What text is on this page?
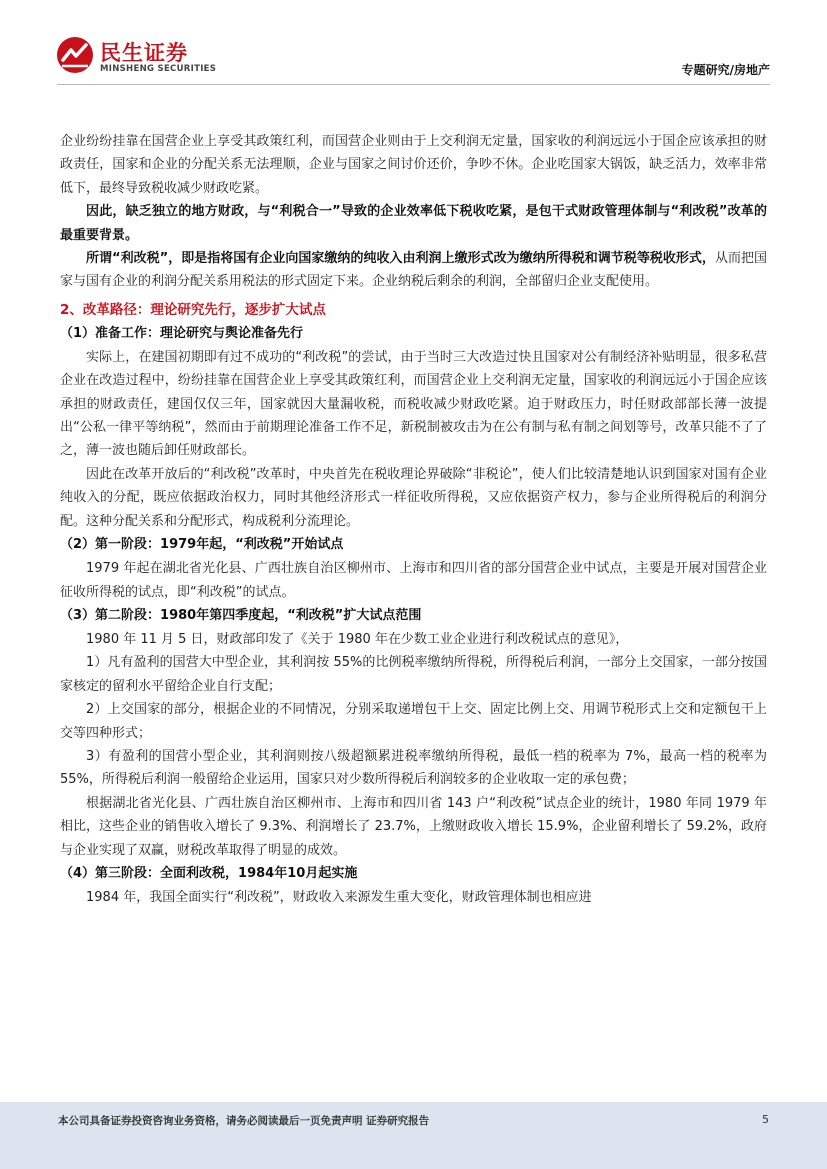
民生证券
MINSHENG SECURITIES	专题研究/房地产

企业纷纷挂靠在国营企业上享受其政策红利，而国营企业则由于上交利润无定量，国家收的利润远远小于国企应该承担的财政责任，国家和企业的分配关系无法理顺，企业与国家之间讨价还价，争吵不休。企业吃国家大锅饭，缺乏活力，效率非常低下，最终导致税收减少财政吃紧。

因此，缺乏独立的地方财政，与“利税合一”导致的企业效率低下税收吃紧，是包干式财政管理体制与“利改税”改革的最重要背景。

所谓“利改税”，即是指将国有企业向国家缴纳的纯收入由利润上缴形式改为缴纳所得税和调节税等税收形式，从而把国家与国有企业的利润分配关系用税法的形式固定下来。企业纳税后剩余的利润，全部留归企业支配使用。

2、改革路径：理论研究先行，逐步扩大试点
（1）准备工作：理论研究与舆论准备先行

实际上，在建国初期即有过不成功的“利改税”的尝试，由于当时三大改造过快且国家对公有制经济补贴明显，很多私营企业在改造过程中，纷纷挂靠在国营企业上享受其政策红利，而国营企业上交利润无定量，国家收的利润远远小于国企应该承担的财政责任，建国仅仅三年，国家就因大量漏收税，而税收减少财政吃紧。迫于财政压力，时任财政部部长薄一波提出“公私一律平等纳税”，然而由于前期理论准备工作不足，新税制被攻击为在公有制与私有制之间划等号，改革只能不了了之，薄一波也随后卸任财政部长。

因此在改革开放后的“利改税”改革时，中央首先在税收理论界破除“非税论”，使人们比较清楚地认识到国家对国有企业纯收入的分配，既应依据政治权力，同时其他经济形式一样征收所得税，又应依据资产权力，参与企业所得税后的利润分配。这种分配关系和分配形式，构成税利分流理论。

（2）第一阶段：1979年起，“利改税”开始试点

1979 年起在湖北省光化县、广西壮族自治区柳州市、上海市和四川省的部分国营企业中试点，主要是开展对国营企业征收所得税的试点，即“利改税”的试点。

（3）第二阶段：1980年第四季度起，“利改税”扩大试点范围

1980 年 11 月 5 日，财政部印发了《关于 1980 年在少数工业企业进行利改税试点的意见》，

1）凡有盈利的国营大中型企业，其利润按 55%的比例税率缴纳所得税，所得税后利润，一部分上交国家，一部分按国家核定的留利水平留给企业自行支配；

2）上交国家的部分，根据企业的不同情况，分别采取递增包干上交、固定比例上交、用调节税形式上交和定额包干上交等四种形式；

3）有盈利的国营小型企业，其利润则按八级超额累进税率缴纳所得税，最低一档的税率为 7%，最高一档的税率为 55%，所得税后利润一般留给企业运用，国家只对少数所得税后利润较多的企业收取一定的承包费；

根据湖北省光化县、广西壮族自治区柳州市、上海市和四川省 143 户“利改税”试点企业的统计，1980 年同 1979 年相比，这些企业的销售收入增长了 9.3%、利润增长了 23.7%，上缴财政收入增长 15.9%，企业留利增长了 59.2%，政府与企业实现了双赢，财税改革取得了明显的成效。

（4）第三阶段：全面利改税，1984年10月起实施

1984 年，我国全面实行“利改税”，财政收入来源发生重大变化，财政管理体制也相应进

本公司具备证券投资咨询业务资格，请务必阅读最后一页免责声明 证券研究报告	5
